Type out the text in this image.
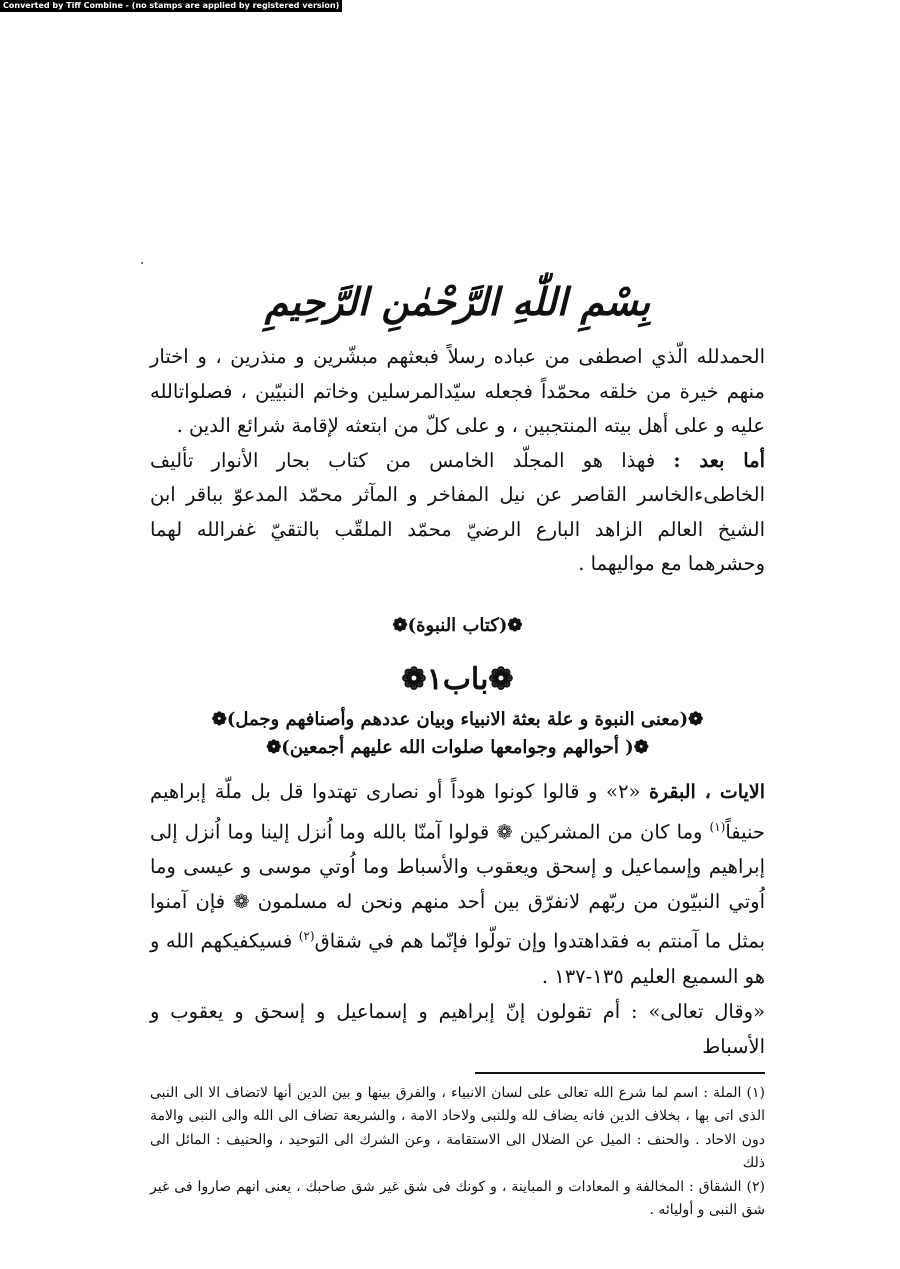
Converted by Tiff Combine - (no stamps are applied by registered version)
بِسْمِ اللّٰهِ الرَّحْمٰنِ الرَّحِيمِ

الحمدلله الّذي اصطفى من عباده رسلاً فبعثهم مبشّرين و منذرين ، و اختار منهم خيرة من خلقه محمّداً فجعله سيّدالمرسلين وخاتم النبيّين ، فصلواتالله عليه و على أهل بيته المنتجبين ، و على كلّ من ابتعثه لإقامة شرائع الدين .

أما بعد : فهذا هو المجلّد الخامس من كتاب بحار الأنوار تأليف الخاطىءالخاسر القاصر عن نيل المفاخر و المآثر محمّد المدعوّ بباقر ابن الشيخ العالم الزاهد البارع الرضيّ محمّد الملقّب بالتقيّ غفرالله لهما وحشرهما مع مواليهما .

❁(كتاب النبوة)❁
❁باب١❁
❁(معنى النبوة و علة بعثة الانبياء وبيان عددهم وأصنافهم وجمل)❁
❁( أحوالهم وجوامعها صلوات الله عليهم أجمعين)❁

الايات ، البقرة «٢» و قالوا كونوا هوداً أو نصارى تهتدوا قل بل ملّة إبراهيم حنيفاً$^{(١)}$ وما كان من المشركين ❁ قولوا آمنّا بالله وما اُنزل إلينا وما اُنزل إلى إبراهيم وإسماعيل و إسحق ويعقوب والأسباط وما اُوتي موسى و عيسى وما اُوتي النبيّون من ربّهم لانفرّق بين أحد منهم ونحن له مسلمون ❁ فإن آمنوا بمثل ما آمنتم به فقداهتدوا وإن تولّوا فإنّما هم في شقاق$^{(٢)}$ فسيكفيكهم الله و هو السميع العليم ١٣٥-١٣٧ .

«وقال تعالى» : أم تقولون إنّ إبراهيم و إسماعيل و إسحق و يعقوب و الأسباط

(١) الملة : اسم لما شرع الله تعالى على لسان الانبياء ، والفرق بينها و بين الدين أنها لاتضاف الا الى النبى الذى اتى بها ، بخلاف الدين فانه يضاف لله وللنبى ولاحاد الامة ، والشريعة تضاف الى الله والى النبى والامة دون الاحاد . والحنف : الميل عن الضلال الى الاستقامة ، وعن الشرك الى التوحيد ، والحنيف : المائل الى ذلك

(٢) الشقاق : المخالفة و المعادات و المباينة ، و كونك فى شق غير شق صاحبك ، يعنى انهم صاروا فى غير شق النبى و أوليائه .
